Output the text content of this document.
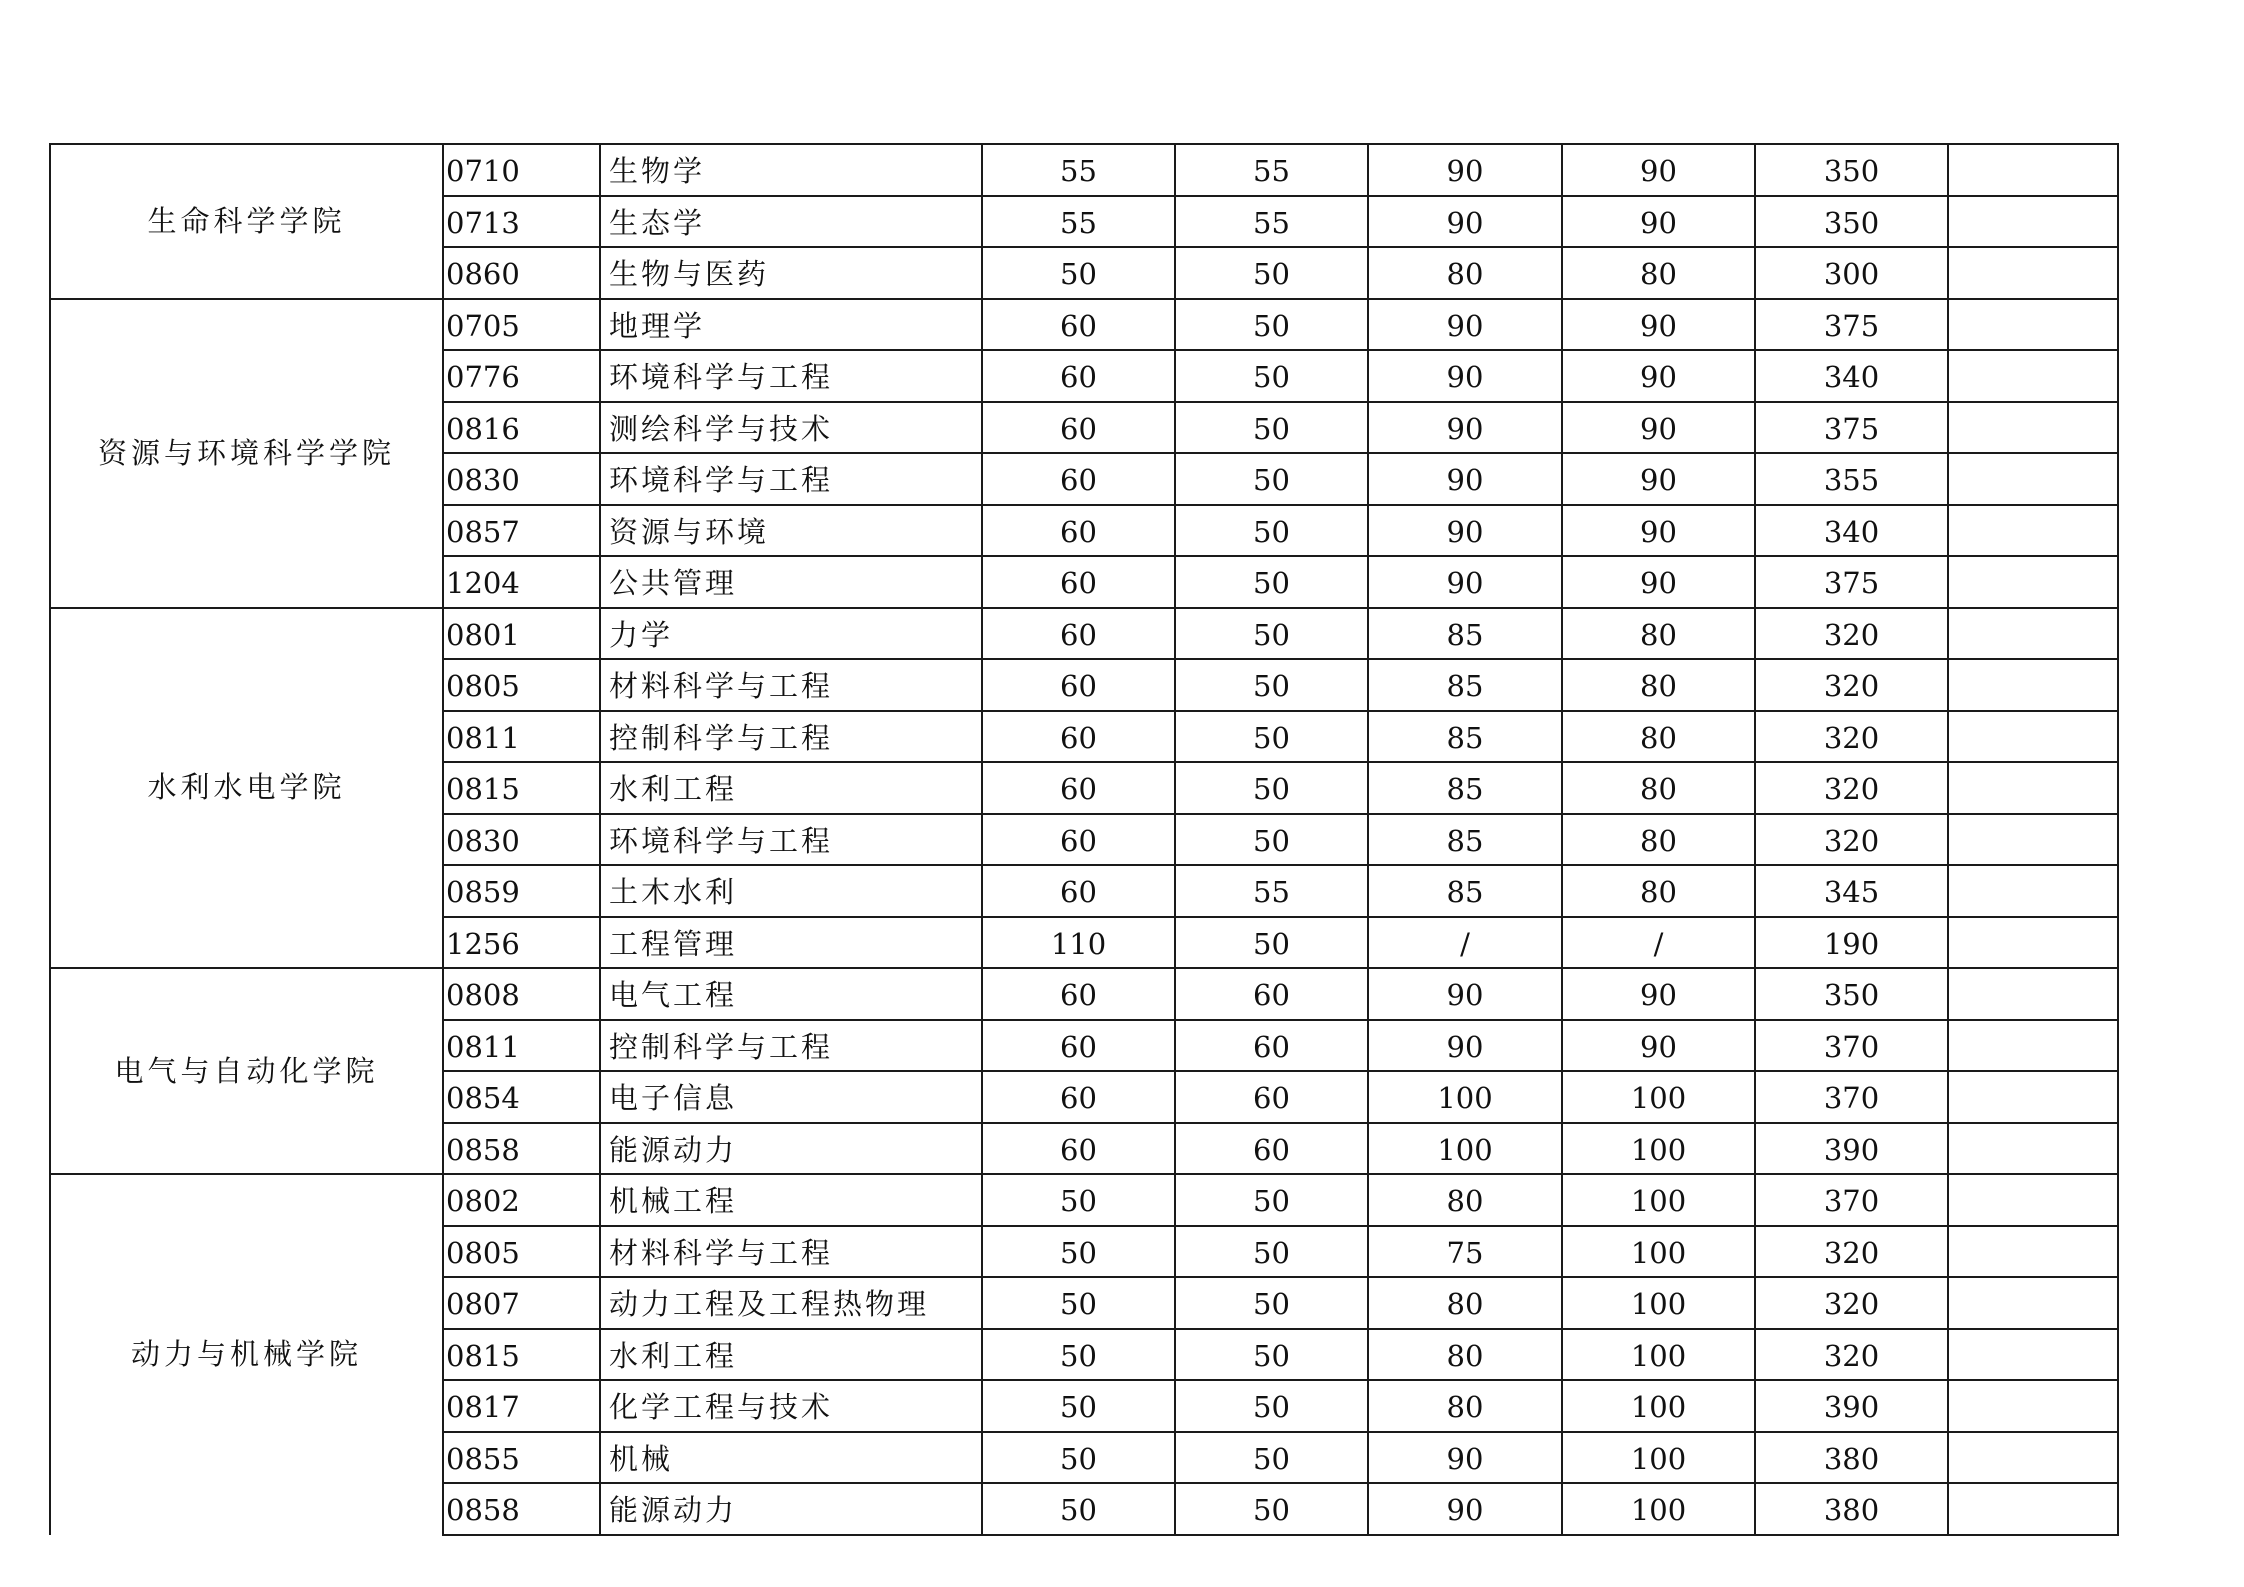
生命科学学院	0710	生物学	55	55	90	90	350	
	0713	生态学	55	55	90	90	350	
	0860	生物与医药	50	50	80	80	300	
资源与环境科学学院	0705	地理学	60	50	90	90	375	
	0776	环境科学与工程	60	50	90	90	340	
	0816	测绘科学与技术	60	50	90	90	375	
	0830	环境科学与工程	60	50	90	90	355	
	0857	资源与环境	60	50	90	90	340	
	1204	公共管理	60	50	90	90	375	
水利水电学院	0801	力学	60	50	85	80	320	
	0805	材料科学与工程	60	50	85	80	320	
	0811	控制科学与工程	60	50	85	80	320	
	0815	水利工程	60	50	85	80	320	
	0830	环境科学与工程	60	50	85	80	320	
	0859	土木水利	60	55	85	80	345	
	1256	工程管理	110	50	/	/	190	
电气与自动化学院	0808	电气工程	60	60	90	90	350	
	0811	控制科学与工程	60	60	90	90	370	
	0854	电子信息	60	60	100	100	370	
	0858	能源动力	60	60	100	100	390	
动力与机械学院	0802	机械工程	50	50	80	100	370	
	0805	材料科学与工程	50	50	75	100	320	
	0807	动力工程及工程热物理	50	50	80	100	320	
	0815	水利工程	50	50	80	100	320	
	0817	化学工程与技术	50	50	80	100	390	
	0855	机械	50	50	90	100	380	
	0858	能源动力	50	50	90	100	380	
